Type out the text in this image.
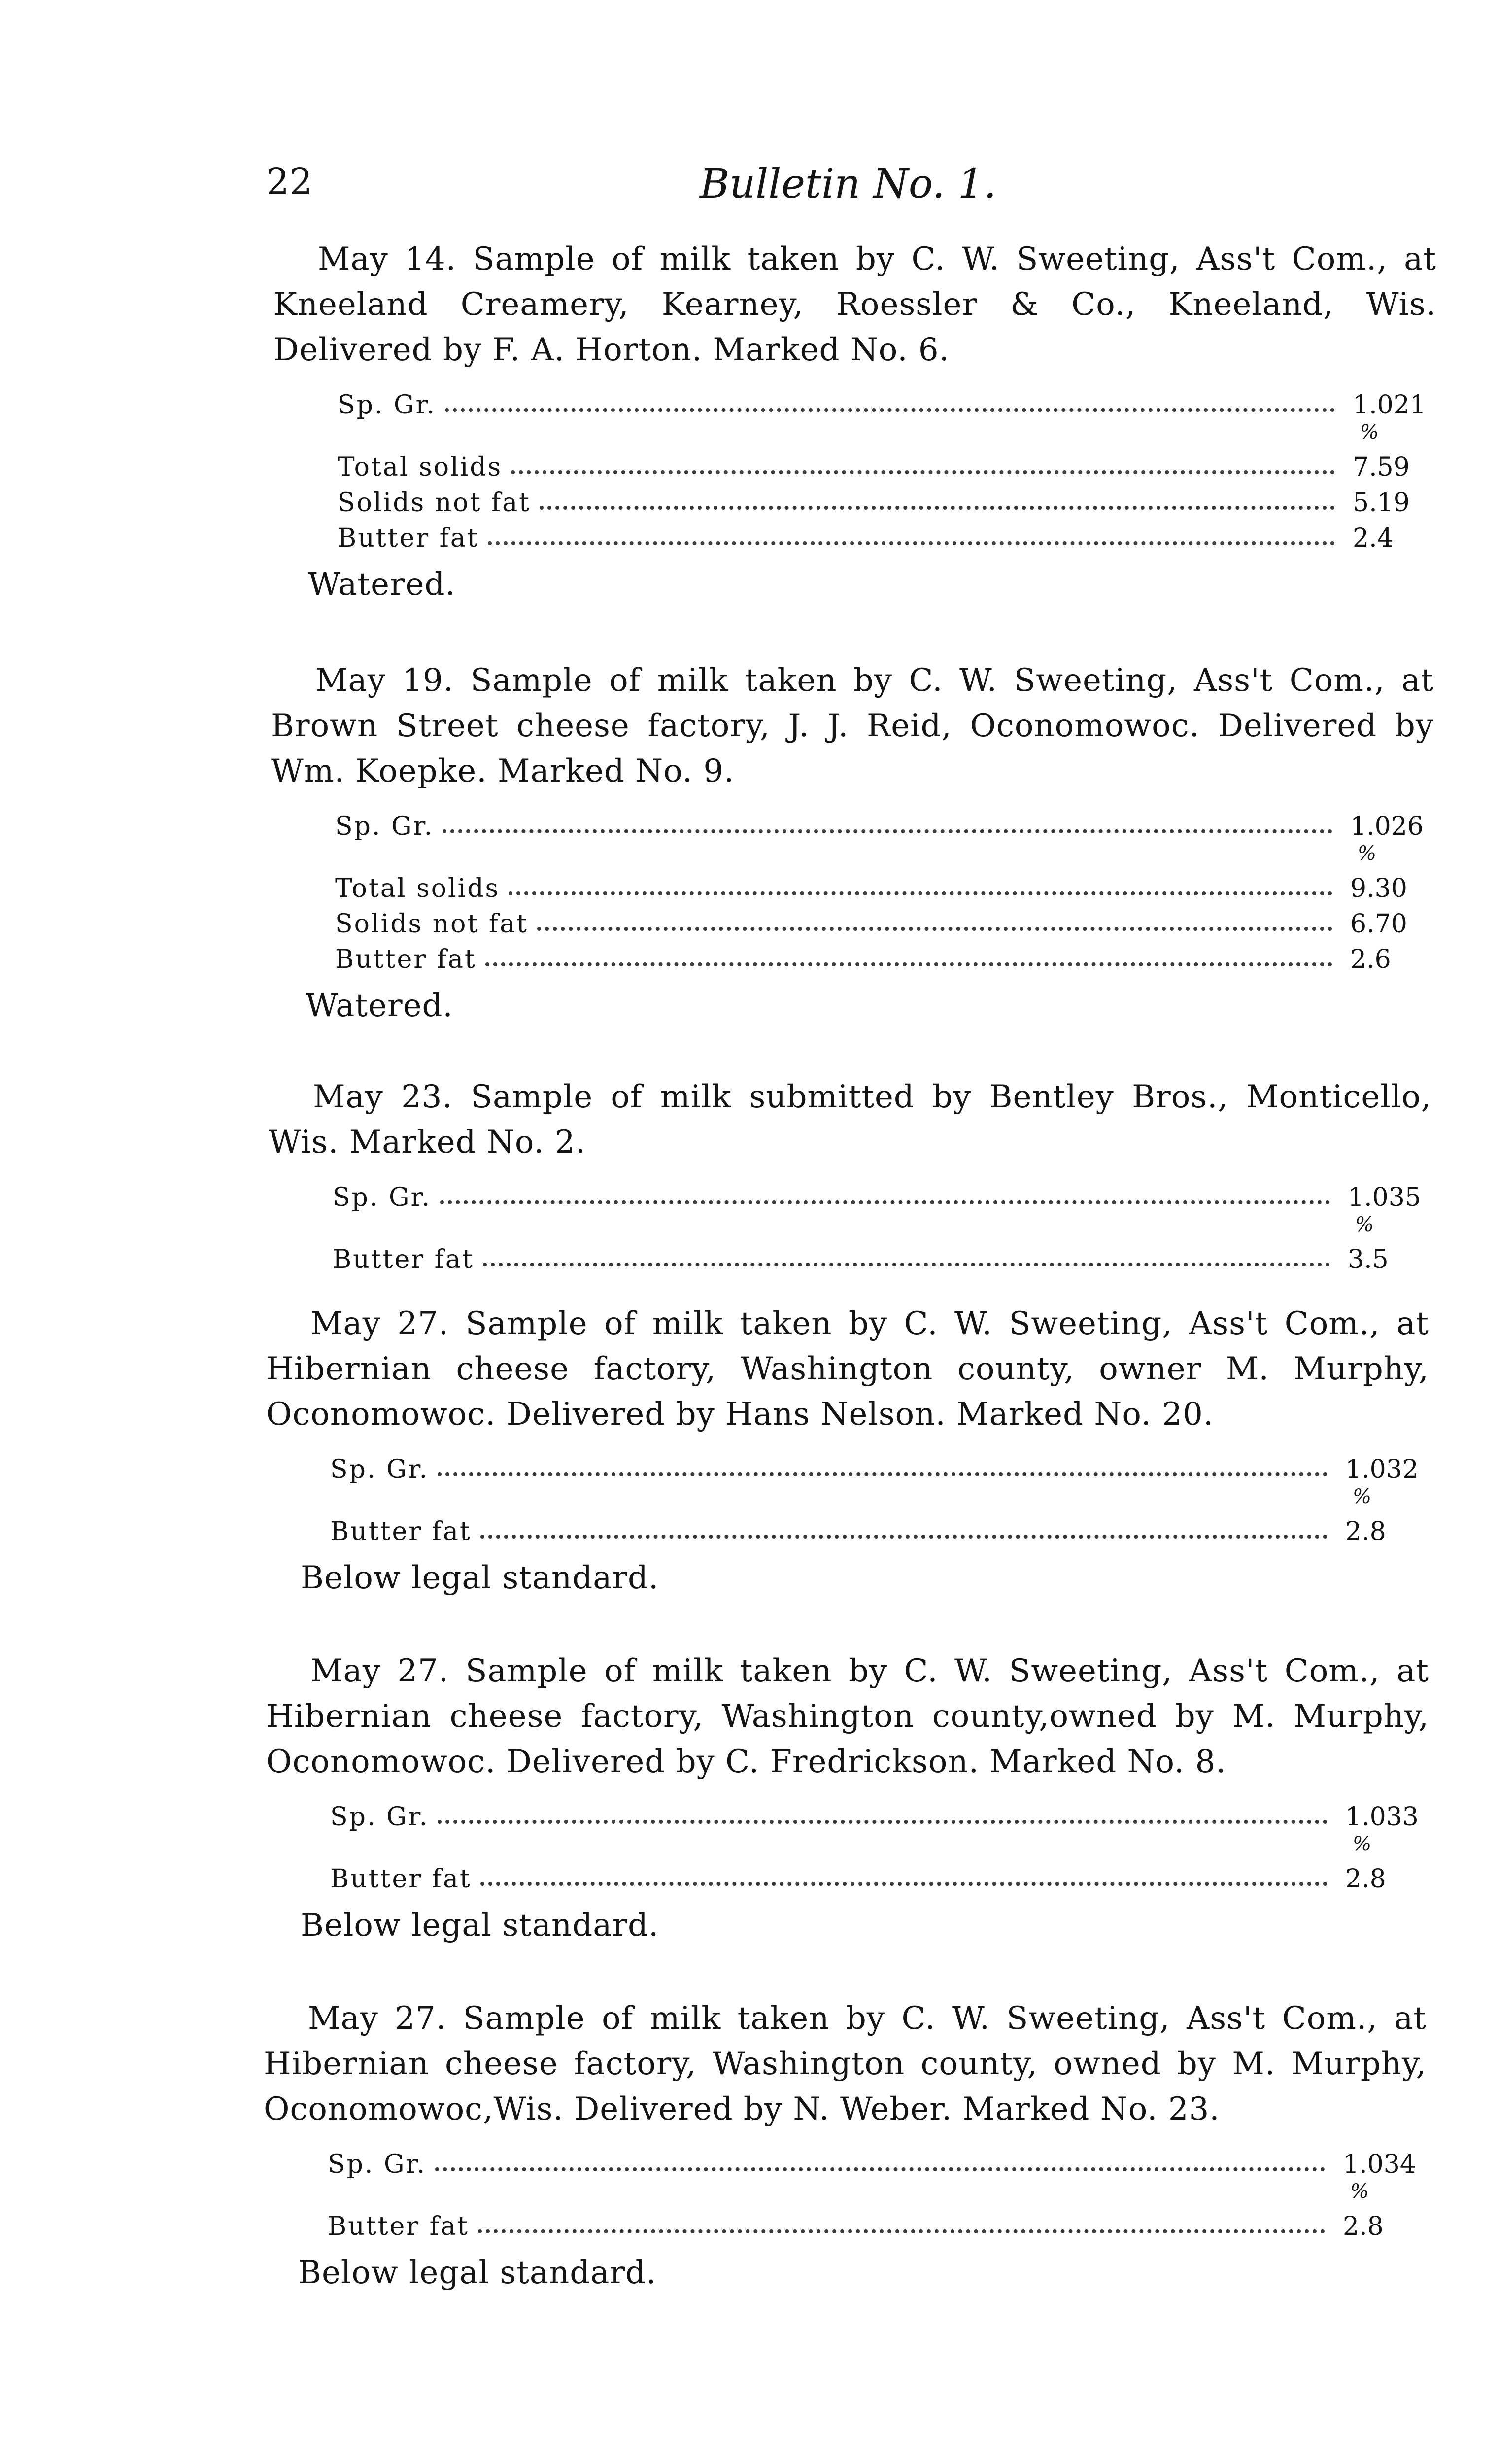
22	Bulletin No. 1.

May 14. Sample of milk taken by C. W. Sweeting, Ass't Com., at Kneeland Creamery, Kearney, Roessler & Co., Kneeland, Wis. Delivered by F. A. Horton. Marked No. 6.

Sp. Gr.	1.021
%
Total solids	7.59
Solids not fat	5.19
Butter fat	2.4
Watered.

May 19. Sample of milk taken by C. W. Sweeting, Ass't Com., at Brown Street cheese factory, J. J. Reid, Oconomowoc. Delivered by Wm. Koepke. Marked No. 9.

Sp. Gr.	1.026
%
Total solids	9.30
Solids not fat	6.70
Butter fat	2.6
Watered.

May 23. Sample of milk submitted by Bentley Bros., Monticello, Wis. Marked No. 2.

Sp. Gr.	1.035
%
Butter fat	3.5

May 27. Sample of milk taken by C. W. Sweeting, Ass't Com., at Hibernian cheese factory, Washington county, owner M. Murphy, Oconomowoc. Delivered by Hans Nelson. Marked No. 20.

Sp. Gr.	1.032
%
Butter fat	2.8
Below legal standard.

May 27. Sample of milk taken by C. W. Sweeting, Ass't Com., at Hibernian cheese factory, Washington county,owned by M. Murphy, Oconomowoc. Delivered by C. Fredrickson. Marked No. 8.

Sp. Gr.	1.033
%
Butter fat	2.8
Below legal standard.

May 27. Sample of milk taken by C. W. Sweeting, Ass't Com., at Hibernian cheese factory, Washington county, owned by M. Murphy, Oconomowoc,Wis. Delivered by N. Weber. Marked No. 23.

Sp. Gr.	1.034
%
Butter fat	2.8
Below legal standard.
